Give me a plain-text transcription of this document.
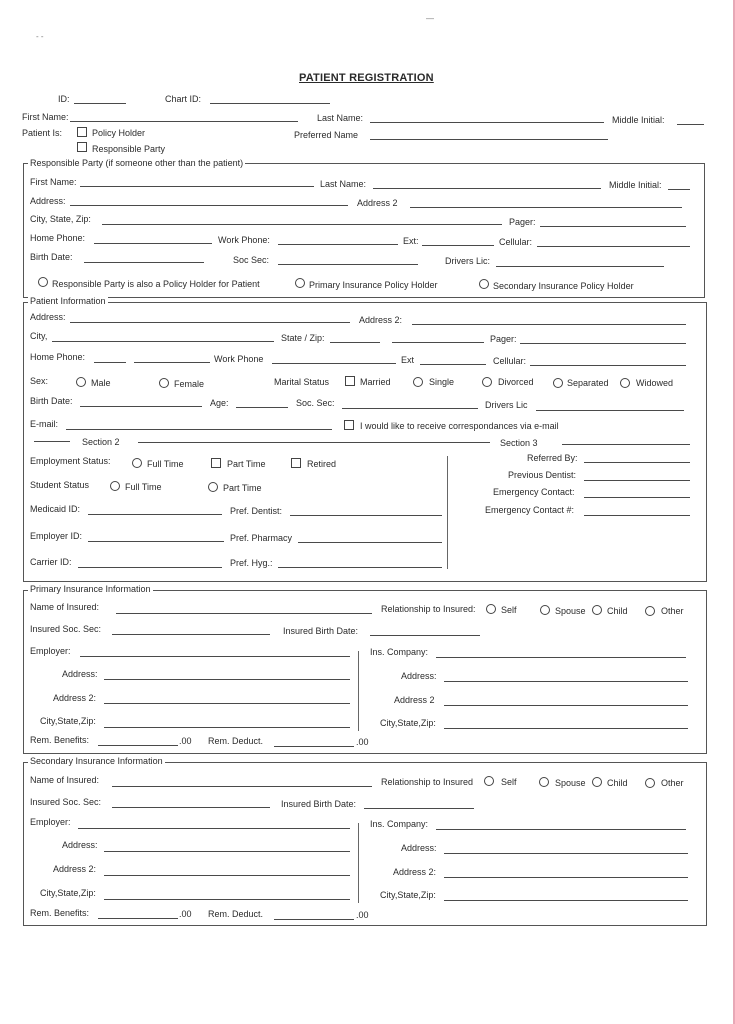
- -
—
PATIENT REGISTRATION
ID:	Chart ID:
First Name:	Last Name:	Middle Initial:
Patient Is:	Policy Holder
Responsible Party
Preferred Name
Responsible Party (if someone other than the patient)
First Name:	Last Name:	Middle Initial:
Address:	Address 2
City, State, Zip:	Pager:
Home Phone:	Work Phone:	Ext:	Cellular:
Birth Date:	Soc Sec:	Drivers Lic:
Responsible Party is also a Policy Holder for Patient	Primary Insurance Policy Holder	Secondary Insurance Policy Holder
Patient Information
Address:	Address 2:
City,	State / Zip:	Pager:
Home Phone:	Work Phone	Ext	Cellular:
Sex:	Male	Female	Marital Status	Married	Single	Divorced	Separated	Widowed
Birth Date:	Age:	Soc. Sec:	Drivers Lic
E-mail:	I would like to receive correspondances via e-mail
Section 2	Section 3
Employment Status:	Full Time	Part Time	Retired
Student Status	Full Time	Part Time
Medicaid ID:	Pref. Dentist:
Employer ID:	Pref. Pharmacy
Carrier ID:	Pref. Hyg.:
Referred By:
Previous Dentist:
Emergency Contact:
Emergency Contact #:
Primary Insurance Information
Name of Insured:	Relationship to Insured:	Self	Spouse Child	Other
Insured Soc. Sec:	Insured Birth Date:
Employer:	Ins. Company:
Address:	Address:
Address 2:	Address 2
City,State,Zip:	City,State,Zip:
Rem. Benefits:	.00 Rem. Deduct.	.00
Secondary Insurance Information
Name of Insured:	Relationship to Insured	Self	Spouse Child	Other
Insured Soc. Sec:	Insured Birth Date:
Employer:	Ins. Company:
Address:	Address:
Address 2:	Address 2:
City,State,Zip:	City,State,Zip:
Rem. Benefits:	.00 Rem. Deduct.	.00
